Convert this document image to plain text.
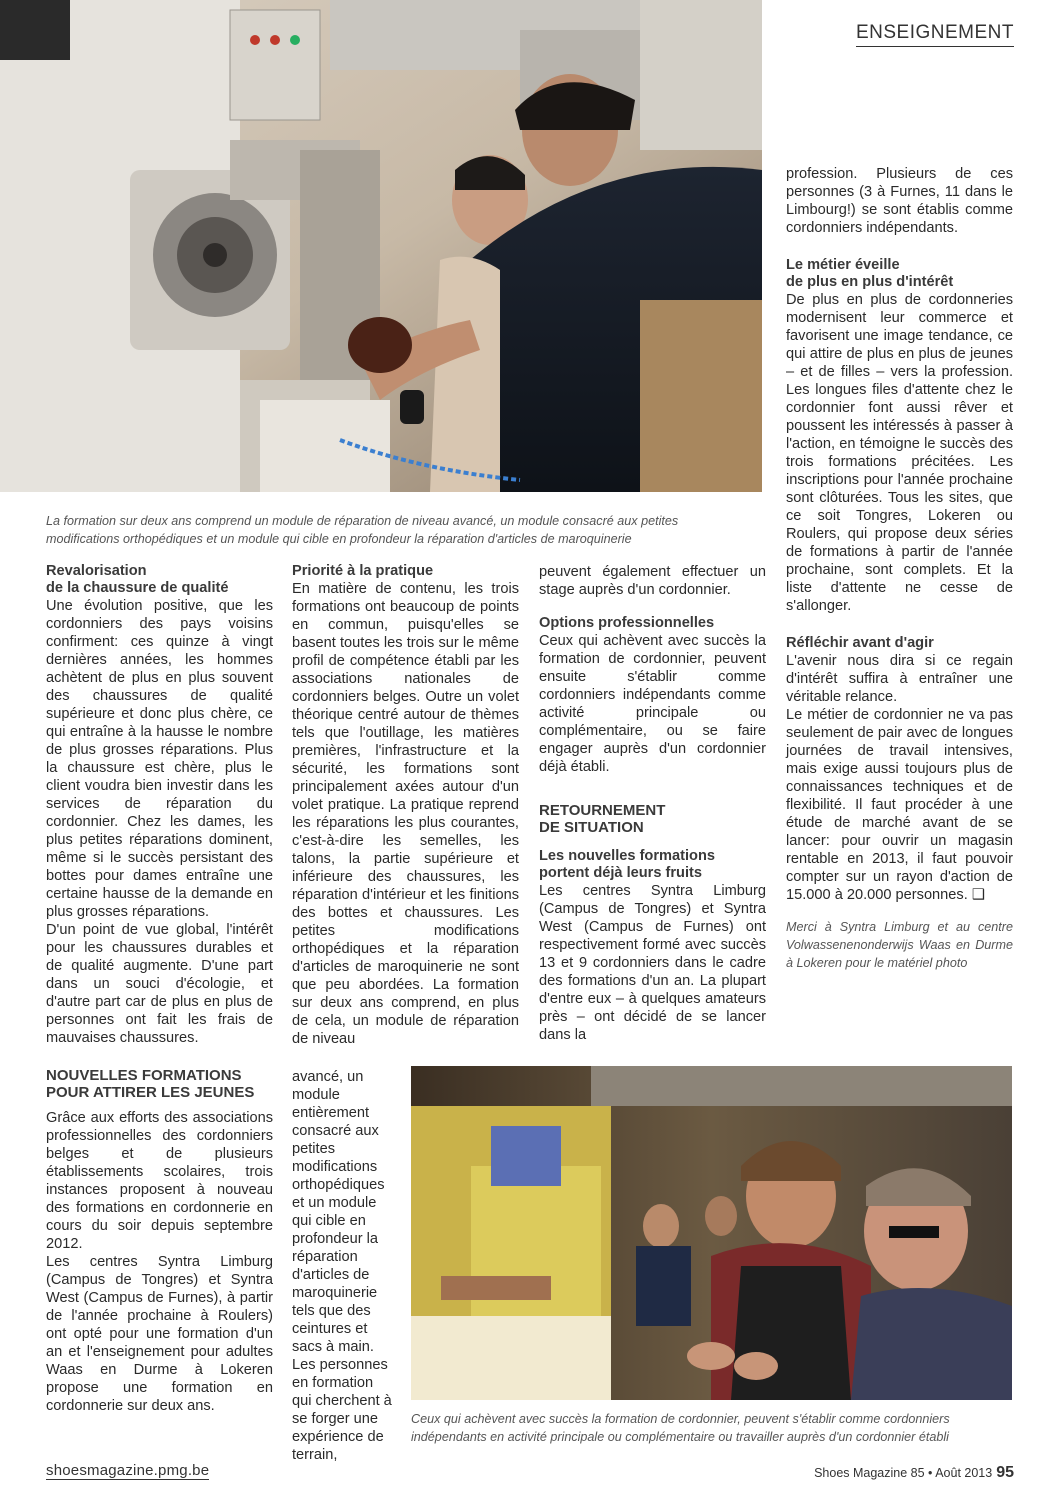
ENSEIGNEMENT
La formation sur deux ans comprend un module de réparation de niveau avancé, un module consacré aux petites modifications orthopédiques et un module qui cible en profondeur la réparation d'articles de maroquinerie
Revalorisation
de la chaussure de qualité

Une évolution positive, que les cordonniers des pays voisins confirment: ces quinze à vingt dernières années, les hommes achètent de plus en plus souvent des chaussures de qualité supérieure et donc plus chère, ce qui entraîne à la hausse le nombre de plus grosses réparations. Plus la chaussure est chère, plus le client voudra bien investir dans les services de réparation du cordonnier. Chez les dames, les plus petites réparations dominent, même si le succès persistant des bottes pour dames entraîne une certaine hausse de la demande en plus grosses réparations.

D'un point de vue global, l'intérêt pour les chaussures durables et de qualité augmente. D'une part dans un souci d'écologie, et d'autre part car de plus en plus de personnes ont fait les frais de mauvaises chaussures.

NOUVELLES FORMATIONS
POUR ATTIRER LES JEUNES

Grâce aux efforts des associations professionnelles des cordonniers belges et de plusieurs établissements scolaires, trois instances proposent à nouveau des formations en cordonnerie en cours du soir depuis septembre 2012.

Les centres Syntra Limburg (Campus de Tongres) et Syntra West (Campus de Furnes), à partir de l'année prochaine à Roulers) ont opté pour une formation d'un an et l'enseignement pour adultes Waas en Durme à Lokeren propose une formation en cordonnerie sur deux ans.

Priorité à la pratique

En matière de contenu, les trois formations ont beaucoup de points en commun, puisqu'elles se basent toutes les trois sur le même profil de compétence établi par les associations nationales de cordonniers belges. Outre un volet théorique centré autour de thèmes tels que l'outillage, les matières premières, l'infrastructure et la sécurité, les formations sont principalement axées autour d'un volet pratique. La pratique reprend les réparations les plus courantes, c'est-à-dire les semelles, les talons, la partie supérieure et inférieure des chaussures, les réparation d'intérieur et les finitions des bottes et chaussures. Les petites modifications orthopédiques et la réparation d'articles de maroquinerie ne sont que peu abordées. La formation sur deux ans comprend, en plus de cela, un module de réparation de niveau

avancé, un module entièrement consacré aux petites modifications orthopédiques et un module qui cible en profondeur la réparation d'articles de maroquinerie tels que des ceintures et sacs à main. Les personnes en formation qui cherchent à se forger une expérience de terrain,

peuvent également effectuer un stage auprès d'un cordonnier.

Options professionnelles

Ceux qui achèvent avec succès la formation de cordonnier, peuvent ensuite s'établir comme cordonniers indépendants comme activité principale ou complémentaire, ou se faire engager auprès d'un cordonnier déjà établi.

RETOURNEMENT
DE SITUATION
Les nouvelles formations
portent déjà leurs fruits

Les centres Syntra Limburg (Campus de Tongres) et Syntra West (Campus de Furnes) ont respectivement formé avec succès 13 et 9 cordonniers dans le cadre des formations d'un an. La plupart d'entre eux – à quelques amateurs près – ont décidé de se lancer dans la

profession. Plusieurs de ces personnes (3 à Furnes, 11 dans le Limbourg!) se sont établis comme cordonniers indépendants.

Le métier éveille
de plus en plus d'intérêt

De plus en plus de cordonneries modernisent leur commerce et favorisent une image tendance, ce qui attire de plus en plus de jeunes – et de filles – vers la profession. Les longues files d'attente chez le cordonnier font aussi rêver et poussent les intéressés à passer à l'action, en témoigne le succès des trois formations précitées. Les inscriptions pour l'année prochaine sont clôturées. Tous les sites, que ce soit Tongres, Lokeren ou Roulers, qui propose deux séries de formations à partir de l'année prochaine, sont complets. Et la liste d'attente ne cesse de s'allonger.

Réfléchir avant d'agir

L'avenir nous dira si ce regain d'intérêt suffira à entraîner une véritable relance.

Le métier de cordonnier ne va pas seulement de pair avec de longues journées de travail intensives, mais exige aussi toujours plus de connaissances techniques et de flexibilité. Il faut procéder à une étude de marché avant de se lancer: pour ouvrir un magasin rentable en 2013, il faut pouvoir compter sur un rayon d'action de 15.000 à 20.000 personnes. ❑

Merci à Syntra Limburg et au centre Volwassenenonderwijs Waas en Durme à Lokeren pour le matériel photo
Ceux qui achèvent avec succès la formation de cordonnier, peuvent s'établir comme cordonniers indépendants en activité principale ou complémentaire ou travailler auprès d'un cordonnier établi
shoesmagazine.pmg.be	Shoes Magazine 85 • Août 2013 95
